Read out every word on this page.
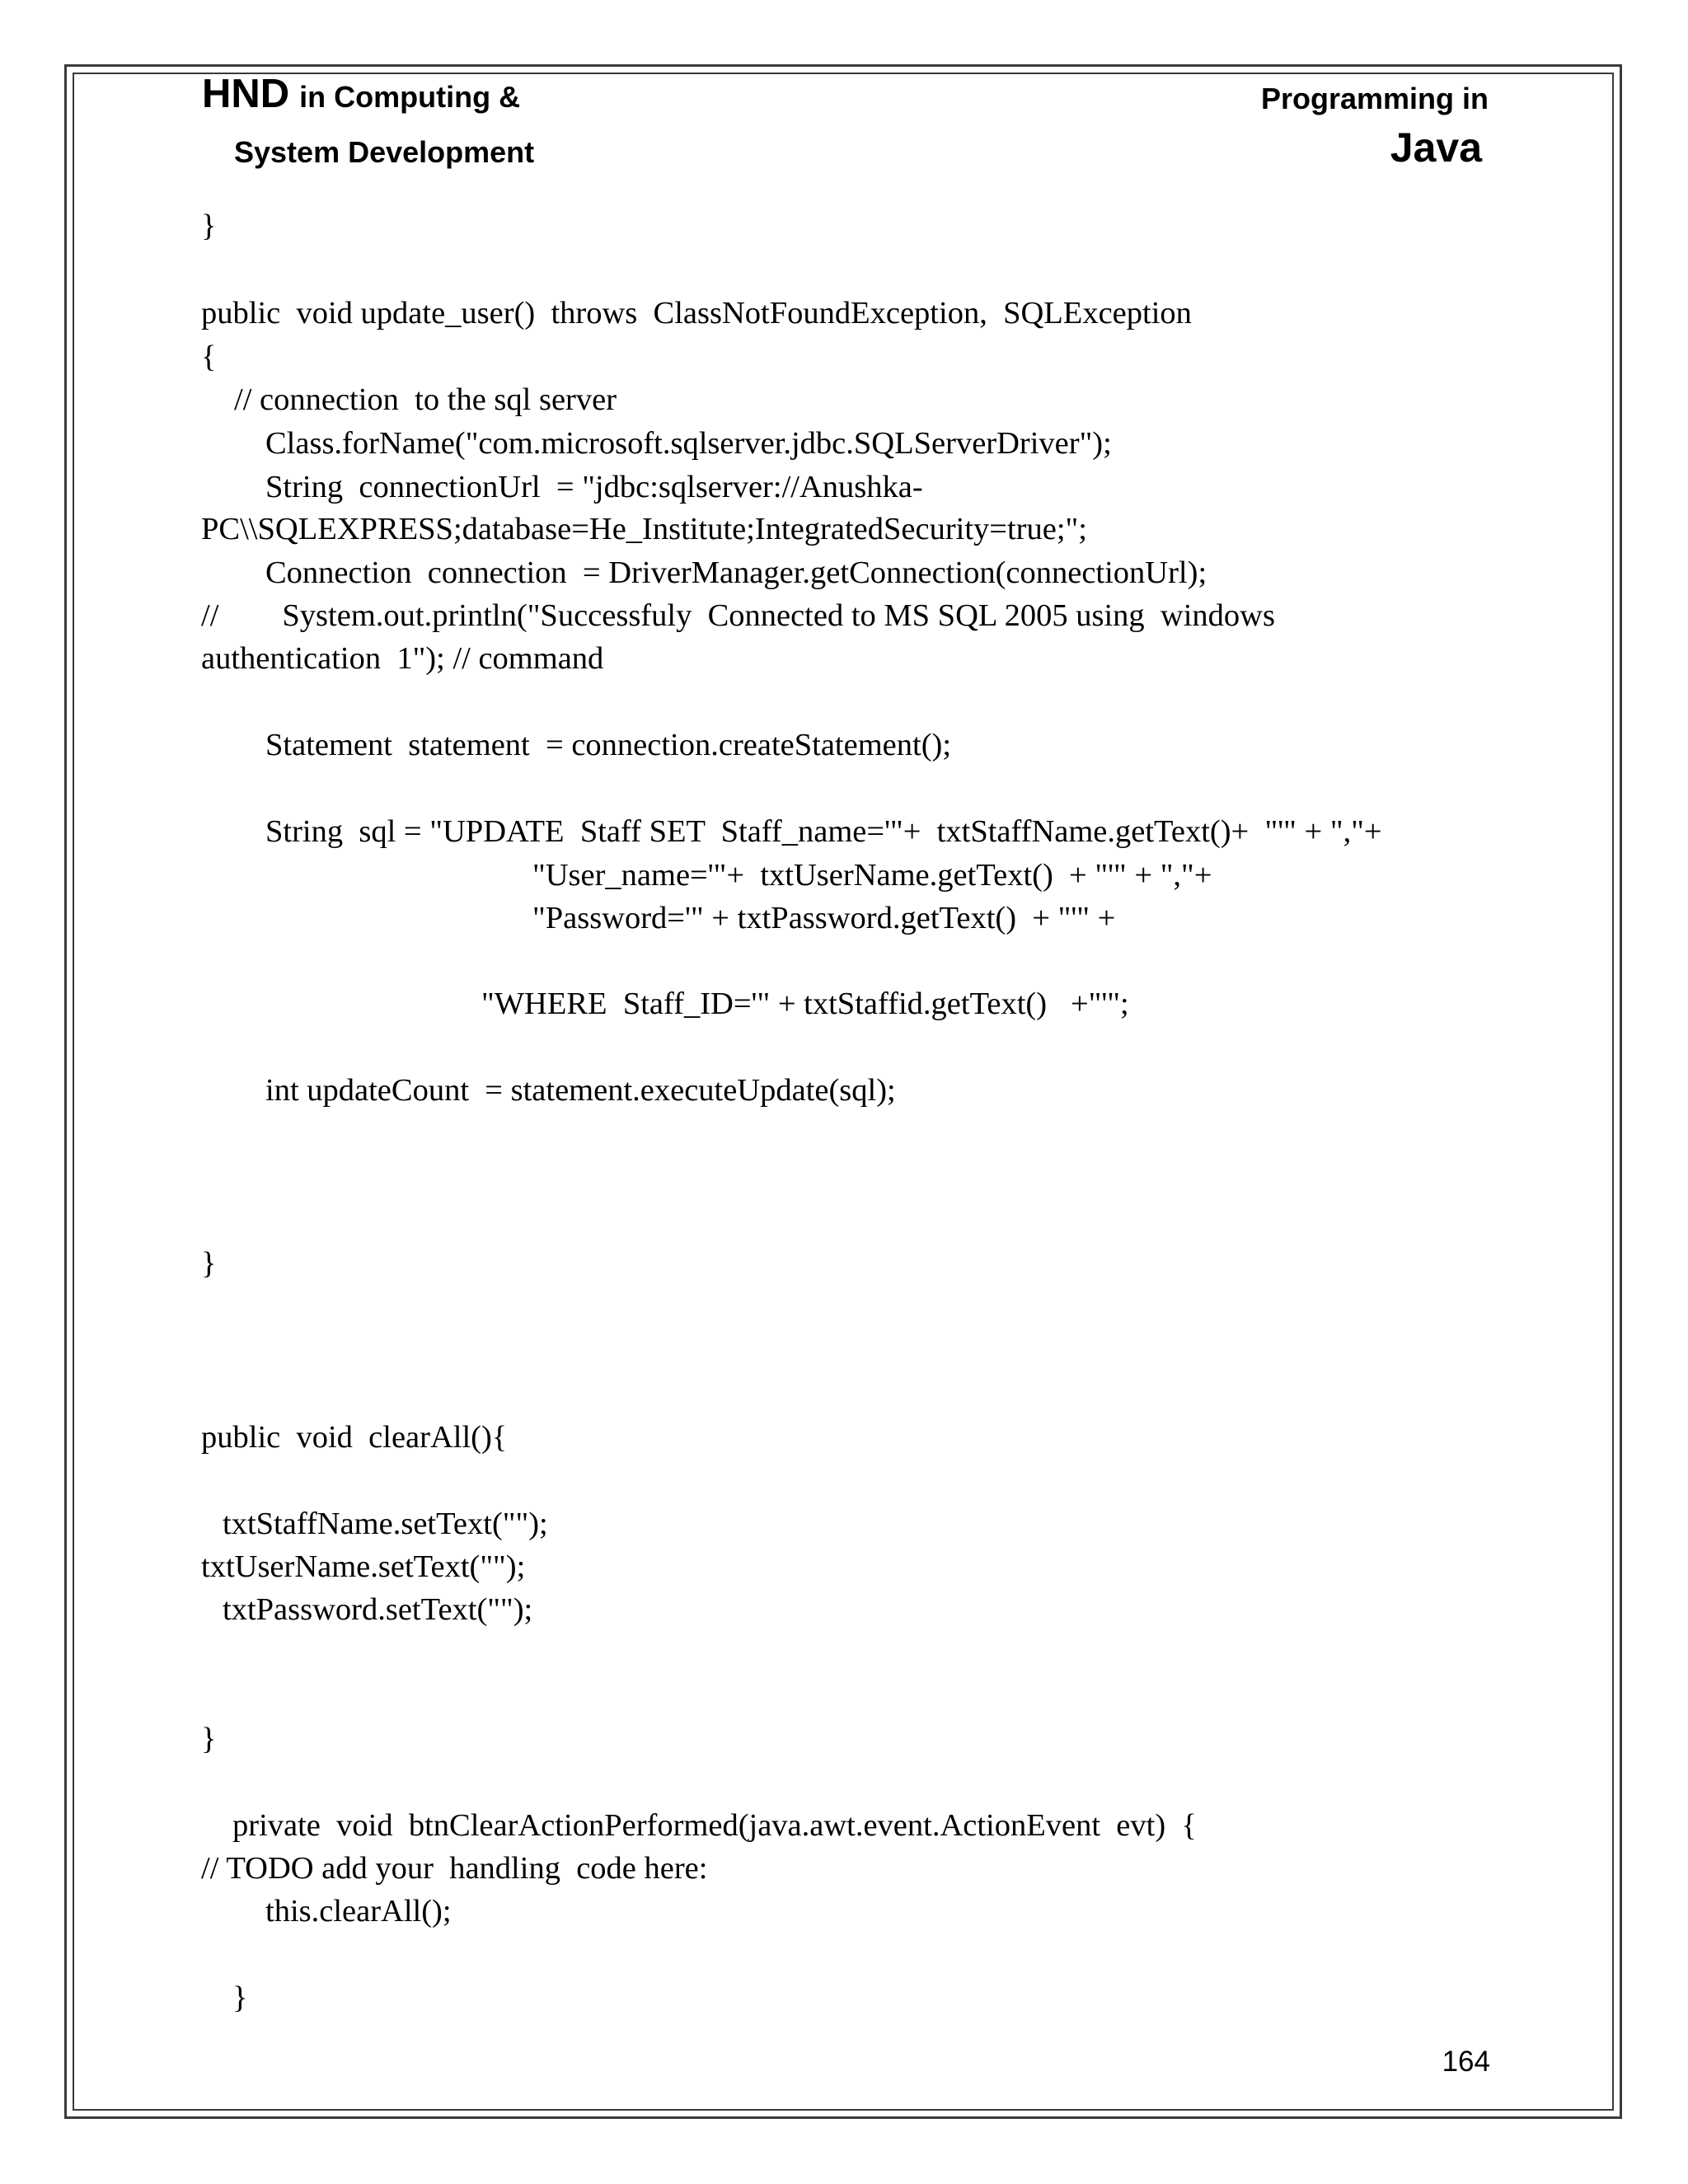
HND in Computing &
System Development
Programming in
Java

}

public  void update_user()  throws  ClassNotFoundException,  SQLException

{

// connection  to the sql server

Class.forName("com.microsoft.sqlserver.jdbc.SQLServerDriver");

String  connectionUrl  = "jdbc:sqlserver://Anushka-

PC\\SQLEXPRESS;database=He_Institute;IntegratedSecurity=true;";

Connection  connection  = DriverManager.getConnection(connectionUrl);

//        System.out.println("Successfuly  Connected to MS SQL 2005 using  windows

authentication  1"); // command

Statement  statement  = connection.createStatement();

String  sql = "UPDATE  Staff SET  Staff_name='"+  txtStaffName.getText()+  "'" + ","+

"User_name='"+  txtUserName.getText()  + "'" + ","+

"Password='" + txtPassword.getText()  + "'" +

"WHERE  Staff_ID='" + txtStaffid.getText()   +"'";

int updateCount  = statement.executeUpdate(sql);

}

public  void  clearAll(){

txtStaffName.setText("");

txtUserName.setText("");

txtPassword.setText("");

}

private  void  btnClearActionPerformed(java.awt.event.ActionEvent  evt)  {

// TODO add your  handling  code here:

this.clearAll();

}

164
